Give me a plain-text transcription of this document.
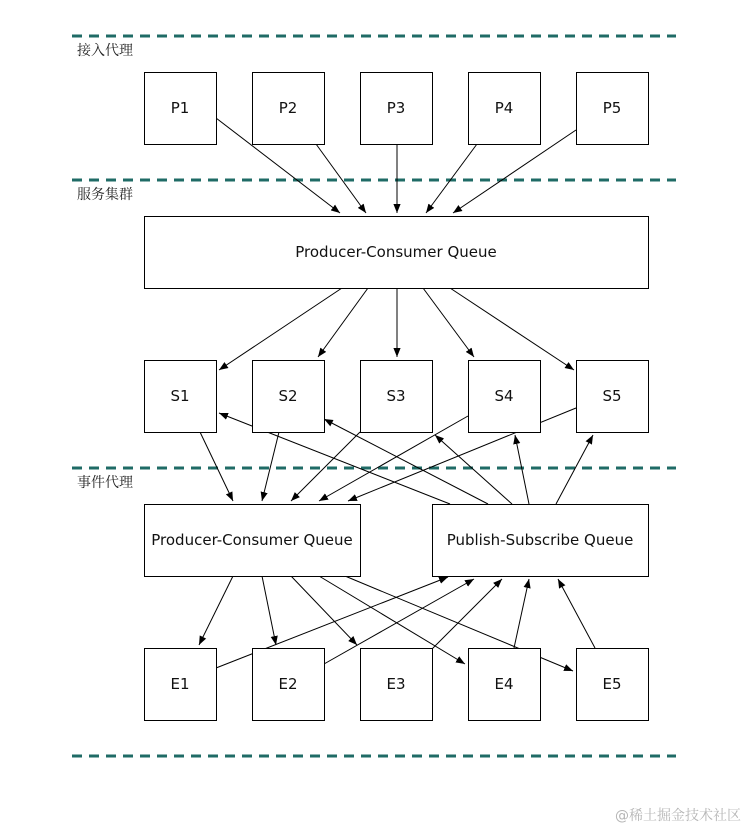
接入代理
服务集群
事件代理
P1	P2	P3	P4	P5
Producer-Consumer Queue
S1	S2	S3	S4	S5
Producer-Consumer Queue	Publish-Subscribe Queue
E1	E2	E3	E4	E5
@稀土掘金技术社区
